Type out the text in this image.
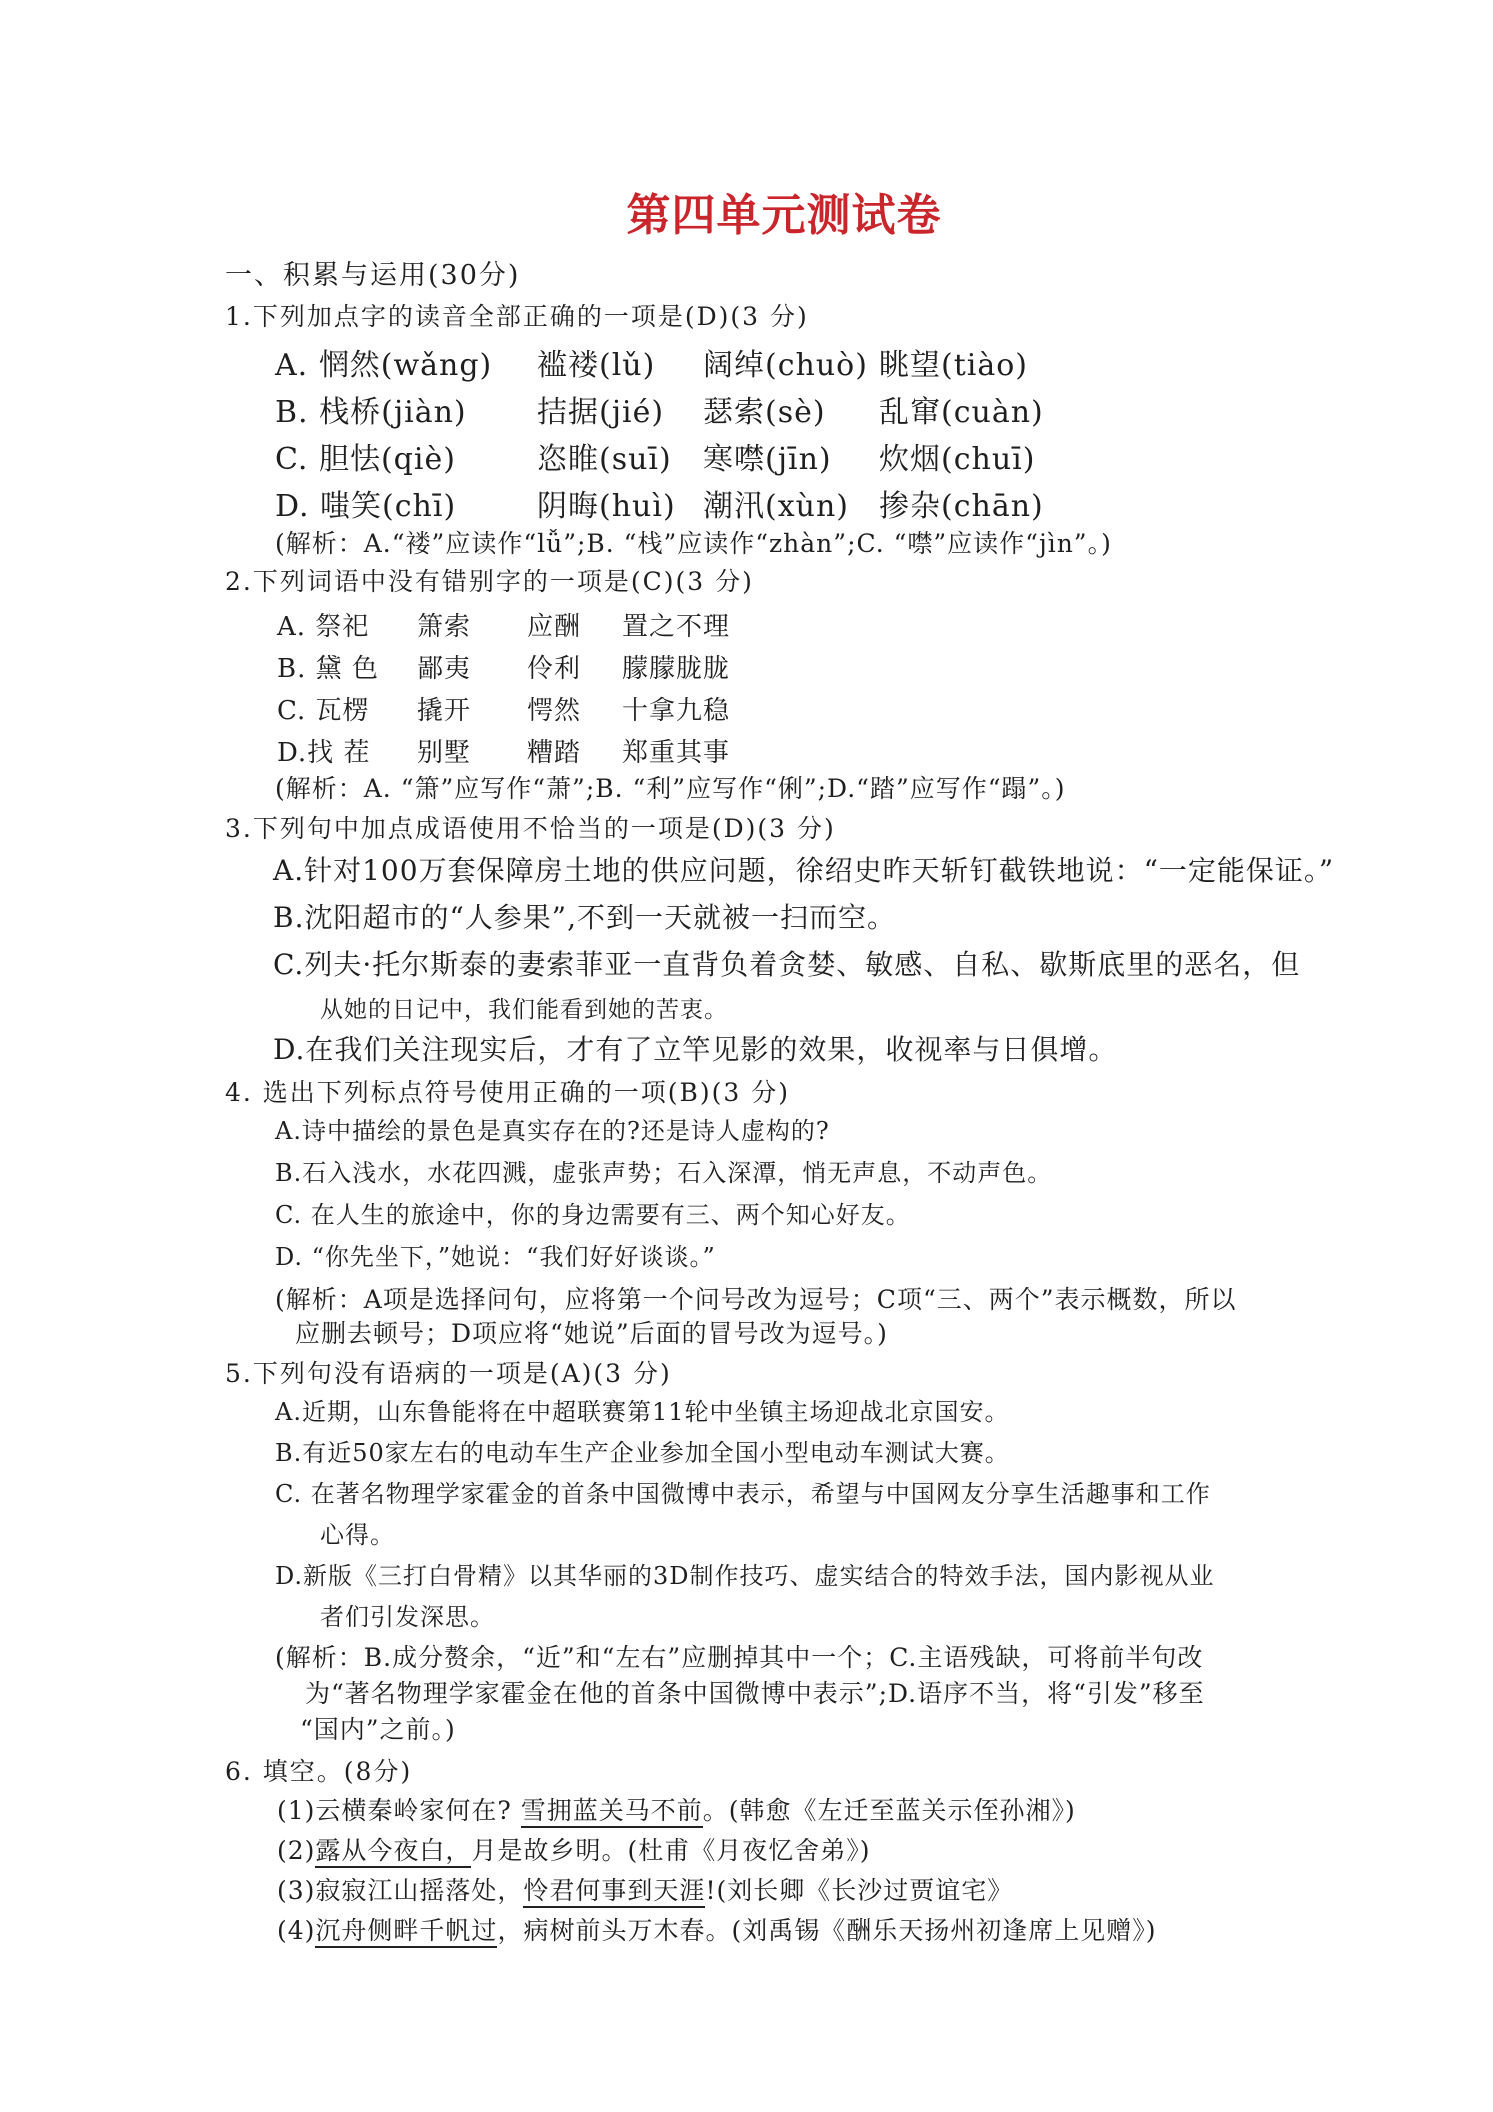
第四单元测试卷
一、积累与运用(30分)
1.下列加点字的读音全部正确的一项是(D)(3 分)
A. 惘然(wǎng)	褴褛(lǔ)	阔绰(chuò)	眺望(tiào)
B. 栈桥(jiàn)	拮据(jié)	瑟索(sè)	乱窜(cuàn)
C. 胆怯(qiè)	恣睢(suī)	寒噤(jīn)	炊烟(chuī)
D. 嗤笑(chī)	阴晦(huì)	潮汛(xùn)	掺杂(chān)
(解析：A.“褛”应读作“lǚ”;B. “栈”应读作“zhàn”;C. “噤”应读作“jìn”。)
2.下列词语中没有错别字的一项是(C)(3 分)
A. 祭祀	箫索	应酬	置之不理
B. 黛 色	鄙夷	伶利	朦朦胧胧
C. 瓦楞	撬开	愕然	十拿九稳
D.找 茬	别墅	糟踏	郑重其事
(解析：A. “箫”应写作“萧”;B. “利”应写作“俐”;D.“踏”应写作“蹋”。)
3.下列句中加点成语使用不恰当的一项是(D)(3 分)
A.针对100万套保障房土地的供应问题，徐绍史昨天斩钉截铁地说：“一定能保证。”
B.沈阳超市的“人参果”,不到一天就被一扫而空。
C.列夫·托尔斯泰的妻索菲亚一直背负着贪婪、敏感、自私、歇斯底里的恶名，但
从她的日记中，我们能看到她的苦衷。
D.在我们关注现实后，才有了立竿见影的效果，收视率与日俱增。
4. 选出下列标点符号使用正确的一项(B)(3 分)
A.诗中描绘的景色是真实存在的?还是诗人虚构的?
B.石入浅水，水花四溅，虚张声势；石入深潭，悄无声息，不动声色。
C. 在人生的旅途中，你的身边需要有三、两个知心好友。
D. “你先坐下，”她说：“我们好好谈谈。”
(解析：A项是选择问句，应将第一个问号改为逗号；C项“三、两个”表示概数，所以
应删去顿号；D项应将“她说”后面的冒号改为逗号。)
5.下列句没有语病的一项是(A)(3 分)
A.近期，山东鲁能将在中超联赛第11轮中坐镇主场迎战北京国安。
B.有近50家左右的电动车生产企业参加全国小型电动车测试大赛。
C. 在著名物理学家霍金的首条中国微博中表示，希望与中国网友分享生活趣事和工作
心得。
D.新版《三打白骨精》以其华丽的3D制作技巧、虚实结合的特效手法，国内影视从业
者们引发深思。
(解析：B.成分赘余，“近”和“左右”应删掉其中一个；C.主语残缺，可将前半句改
为“著名物理学家霍金在他的首条中国微博中表示”;D.语序不当，将“引发”移至
“国内”之前。)
6. 填空。(8分)
(1)云横秦岭家何在? 雪拥蓝关马不前。(韩愈《左迁至蓝关示侄孙湘》)
(2)露从今夜白，月是故乡明。(杜甫《月夜忆舍弟》)
(3)寂寂江山摇落处，怜君何事到天涯!(刘长卿《长沙过贾谊宅》
(4)沉舟侧畔千帆过，病树前头万木春。(刘禹锡《酬乐天扬州初逢席上见赠》)
